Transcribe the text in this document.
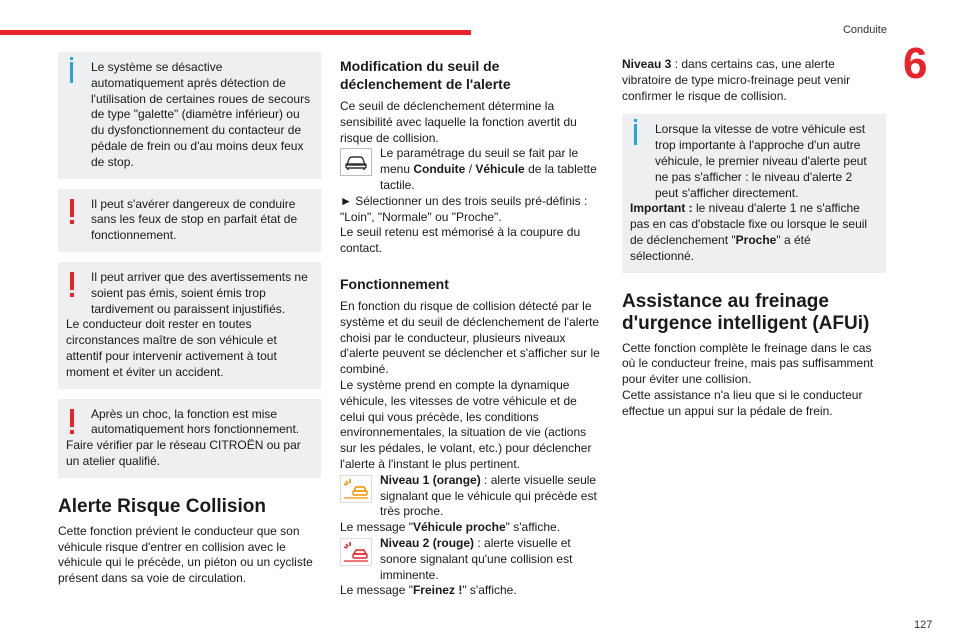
Conduite
6

Le système se désactive automatiquement après détection de l'utilisation de certaines roues de secours de type "galette" (diamètre inférieur) ou du dysfonctionnement du contacteur de pédale de frein ou d'au moins deux feux de stop.

Il peut s'avérer dangereux de conduire sans les feux de stop en parfait état de fonctionnement.

Il peut arriver que des avertissements ne soient pas émis, soient émis trop tardivement ou paraissent injustifiés.

Le conducteur doit rester en toutes circonstances maître de son véhicule et attentif pour intervenir activement à tout moment et éviter un accident.

Après un choc, la fonction est mise automatiquement hors fonctionnement.

Faire vérifier par le réseau CITROËN ou par un atelier qualifié.

Alerte Risque Collision

Cette fonction prévient le conducteur que son véhicule risque d'entrer en collision avec le véhicule qui le précède, un piéton ou un cycliste présent dans sa voie de circulation.

Modification du seuil de déclenchement de l'alerte

Ce seuil de déclenchement détermine la sensibilité avec laquelle la fonction avertit du risque de collision.

Le paramétrage du seuil se fait par le menu Conduite / Véhicule de la tablette tactile.

► Sélectionner un des trois seuils pré-définis : "Loin", "Normale" ou "Proche".

Le seuil retenu est mémorisé à la coupure du contact.

Fonctionnement

En fonction du risque de collision détecté par le système et du seuil de déclenchement de l'alerte choisi par le conducteur, plusieurs niveaux d'alerte peuvent se déclencher et s'afficher sur le combiné.

Le système prend en compte la dynamique véhicule, les vitesses de votre véhicule et de celui qui vous précède, les conditions environnementales, la situation de vie (actions sur les pédales, le volant, etc.) pour déclencher l'alerte à l'instant le plus pertinent.

Niveau 1 (orange) : alerte visuelle seule signalant que le véhicule qui précède est très proche.

Le message "Véhicule proche" s'affiche.

Niveau 2 (rouge) : alerte visuelle et sonore signalant qu'une collision est imminente.

Le message "Freinez !" s'affiche.

Niveau 3 : dans certains cas, une alerte vibratoire de type micro-freinage peut venir confirmer le risque de collision.

Lorsque la vitesse de votre véhicule est trop importante à l'approche d'un autre véhicule, le premier niveau d'alerte peut ne pas s'afficher : le niveau d'alerte 2 peut s'afficher directement.

Important : le niveau d'alerte 1 ne s'affiche pas en cas d'obstacle fixe ou lorsque le seuil de déclenchement "Proche" a été sélectionné.

Assistance au freinage d'urgence intelligent (AFUi)

Cette fonction complète le freinage dans le cas où le conducteur freine, mais pas suffisamment pour éviter une collision.

Cette assistance n'a lieu que si le conducteur effectue un appui sur la pédale de frein.

127
